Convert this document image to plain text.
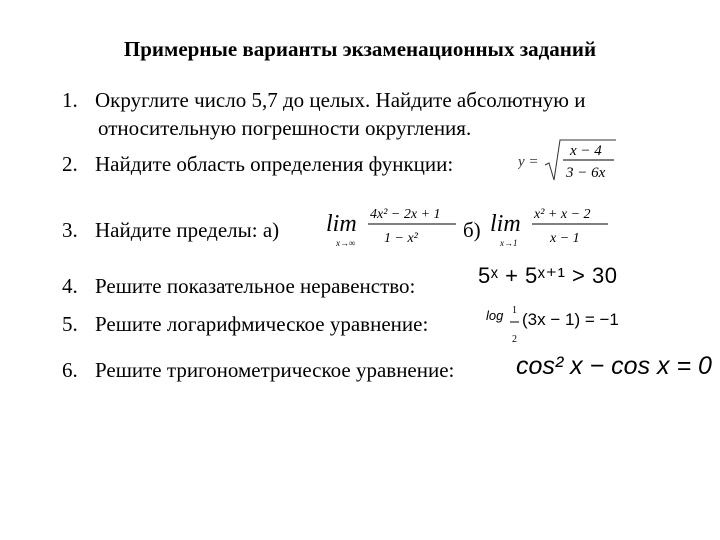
Примерные варианты экзаменационных заданий
1. Округлите число 5,7 до целых. Найдите абсолютную и
относительную погрешности округления.
2. Найдите область определения функции:	y =
x − 4
3 − 6x
3. Найдите пределы: а) lim
x→∞
4x² − 2x + 1
1 − x² б) lim
x→1
x² + x − 2
x − 1
4. Решите показательное неравенство:	5ˣ + 5ˣ⁺¹ > 30
5. Решите логарифмическое уравнение:	log 1
2
(3x − 1) = −1
6. Решите тригонометрическое уравнение: cos² x − cos x = 0
